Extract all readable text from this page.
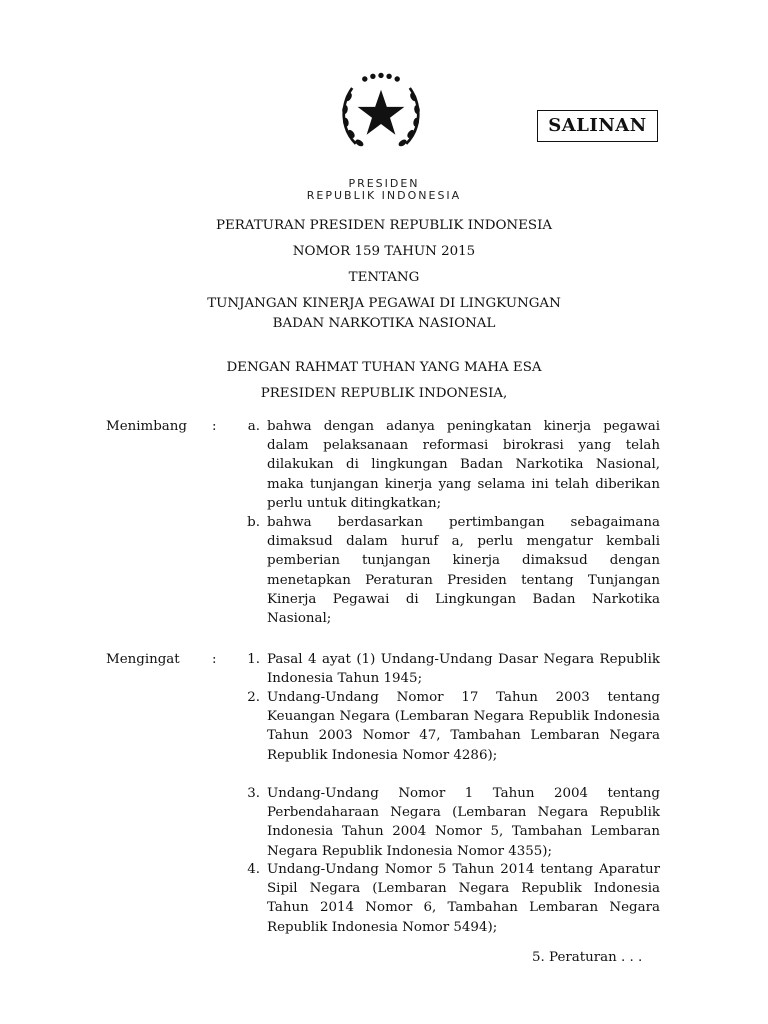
SALINAN
PRESIDEN
REPUBLIK INDONESIA
PERATURAN PRESIDEN REPUBLIK INDONESIA
NOMOR 159 TAHUN 2015
TENTANG
TUNJANGAN KINERJA PEGAWAI DI LINGKUNGAN
BADAN NARKOTIKA NASIONAL
DENGAN RAHMAT TUHAN YANG MAHA ESA
PRESIDEN REPUBLIK INDONESIA,
Menimbang :	a. bahwa dengan adanya peningkatan kinerja pegawai dalam pelaksanaan reformasi birokrasi yang telah dilakukan di lingkungan Badan Narkotika Nasional, maka tunjangan kinerja yang selama ini telah diberikan perlu untuk ditingkatkan;
b. bahwa berdasarkan pertimbangan sebagaimana dimaksud dalam huruf a, perlu mengatur kembali pemberian tunjangan kinerja dimaksud dengan menetapkan Peraturan Presiden tentang Tunjangan Kinerja Pegawai di Lingkungan Badan Narkotika Nasional;
Mengingat :	1. Pasal 4 ayat (1) Undang-Undang Dasar Negara Republik Indonesia Tahun 1945;
2. Undang-Undang Nomor 17 Tahun 2003 tentang Keuangan Negara (Lembaran Negara Republik Indonesia Tahun 2003 Nomor 47, Tambahan Lembaran Negara Republik Indonesia Nomor 4286);
3. Undang-Undang Nomor 1 Tahun 2004 tentang Perbendaharaan Negara (Lembaran Negara Republik Indonesia Tahun 2004 Nomor 5, Tambahan Lembaran Negara Republik Indonesia Nomor 4355);
4. Undang-Undang Nomor 5 Tahun 2014 tentang Aparatur Sipil Negara (Lembaran Negara Republik Indonesia Tahun 2014 Nomor 6, Tambahan Lembaran Negara Republik Indonesia Nomor 5494);
5. Peraturan . . .
